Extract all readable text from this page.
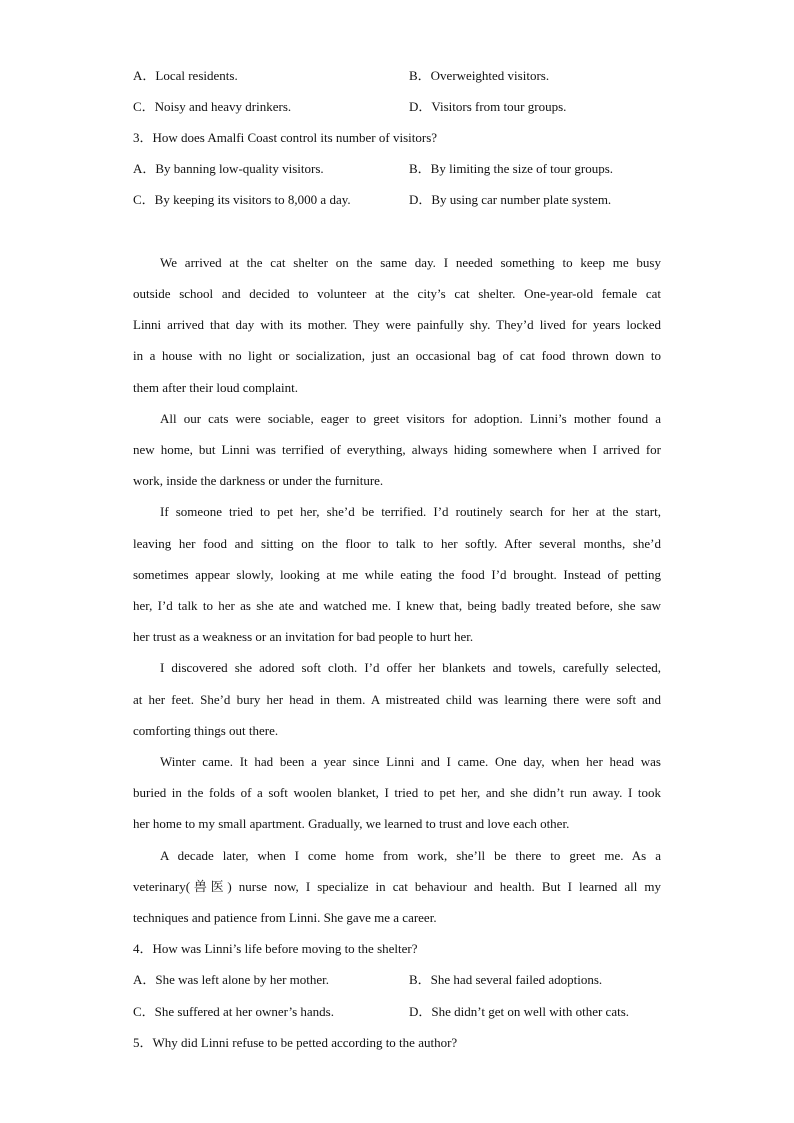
A．Local residents.	B．Overweighted visitors.
C．Noisy and heavy drinkers.	D．Visitors from tour groups.
3．How does Amalfi Coast control its number of visitors?
A．By banning low-quality visitors.	B．By limiting the size of tour groups.
C．By keeping its visitors to 8,000 a day.	D．By using car number plate system.
We arrived at the cat shelter on the same day. I needed something to keep me busy
outside school and decided to volunteer at the city’s cat shelter. One-year-old female cat
Linni arrived that day with its mother. They were painfully shy. They’d lived for years locked
in a house with no light or socialization, just an occasional bag of cat food thrown down to
them after their loud complaint.
All our cats were sociable, eager to greet visitors for adoption. Linni’s mother found a
new home, but Linni was terrified of everything, always hiding somewhere when I arrived for
work, inside the darkness or under the furniture.
If someone tried to pet her, she’d be terrified. I’d routinely search for her at the start,
leaving her food and sitting on the floor to talk to her softly. After several months, she’d
sometimes appear slowly, looking at me while eating the food I’d brought. Instead of petting
her, I’d talk to her as she ate and watched me. I knew that, being badly treated before, she saw
her trust as a weakness or an invitation for bad people to hurt her.
I discovered she adored soft cloth. I’d offer her blankets and towels, carefully selected,
at her feet. She’d bury her head in them. A mistreated child was learning there were soft and
comforting things out there.
Winter came. It had been a year since Linni and I came. One day, when her head was
buried in the folds of a soft woolen blanket, I tried to pet her, and she didn’t run away. I took
her home to my small apartment. Gradually, we learned to trust and love each other.
A decade later, when I come home from work, she’ll be there to greet me. As a
veterinary(兽医) nurse now, I specialize in cat behaviour and health. But I learned all my
techniques and patience from Linni. She gave me a career.
4．How was Linni’s life before moving to the shelter?
A．She was left alone by her mother.	B．She had several failed adoptions.
C．She suffered at her owner’s hands.	D．She didn’t get on well with other cats.
5．Why did Linni refuse to be petted according to the author?
